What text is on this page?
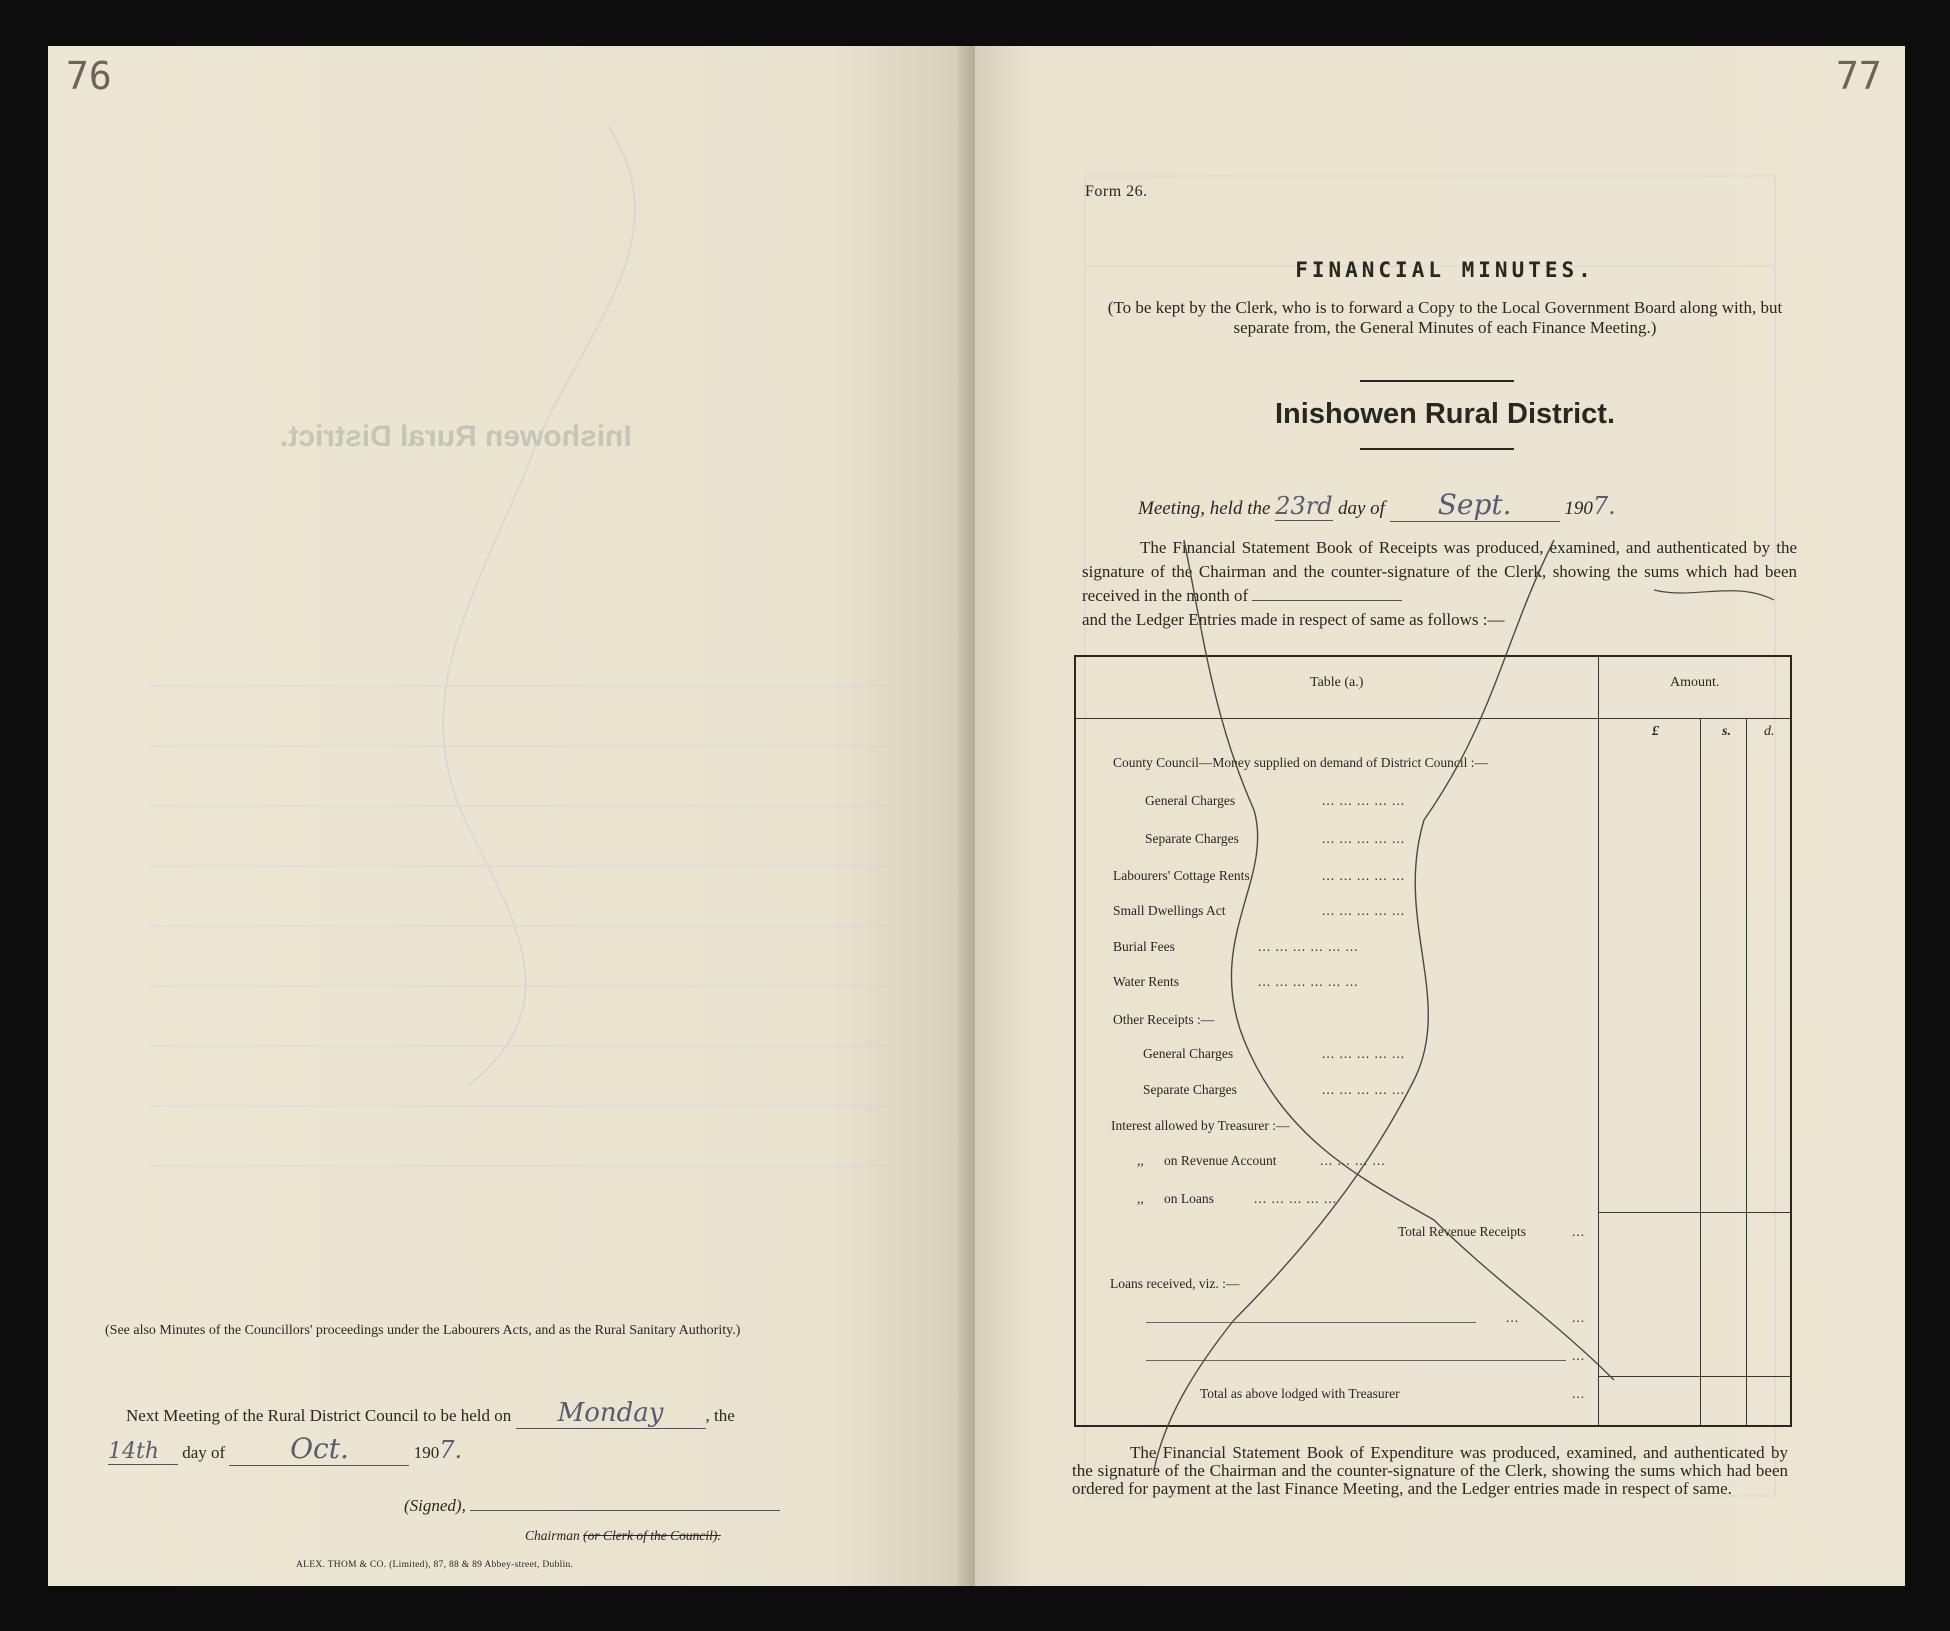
76
Inishowen Rural District.
(See also Minutes of the Councillors' proceedings under the Labourers Acts, and as the Rural Sanitary Authority.)
Next Meeting of the Rural District Council to be held on Monday , the
14th day of Oct.	1907.
(Signed),
Chairman (or Clerk of the Council).
ALEX. THOM & CO. (Limited), 87, 88 & 89 Abbey-street, Dublin.
77
Form 26.
FINANCIAL MINUTES.
(To be kept by the Clerk, who is to forward a Copy to the Local Government Board along with, but separate from, the General Minutes of each Finance Meeting.)
Inishowen Rural District.
Meeting, held the 23rd day of Sept.	1907.
The Financial Statement Book of Receipts was produced, examined, and authenticated by the signature of the Chairman and the counter-signature of the Clerk, showing the sums which had been received in the month of
and the Ledger Entries made in respect of same as follows :—
Table (a.)	Amount.
£	s. d.
County Council—Money supplied on demand of District Council :—
General Charges	... ... ... ... ...
Separate Charges	... ... ... ... ...
Labourers' Cottage Rents	... ... ... ... ...
Small Dwellings Act	... ... ... ... ...
Burial Fees	... ... ... ... ... ...
Water Rents	... ... ... ... ... ...
Other Receipts :—
General Charges	... ... ... ... ...
Separate Charges	... ... ... ... ...
Interest allowed by Treasurer :—
,,      on Revenue Account	... ... ... ...
,,      on Loans	... ... ... ... ...
Total Revenue Receipts	...
Loans received, viz. :—
...	...
...
Total as above lodged with Treasurer	...
The Financial Statement Book of Expenditure was produced, examined, and authenticated by the signature of the Chairman and the counter-signature of the Clerk, showing the sums which had been ordered for payment at the last Finance Meeting, and the Ledger entries made in respect of same.
